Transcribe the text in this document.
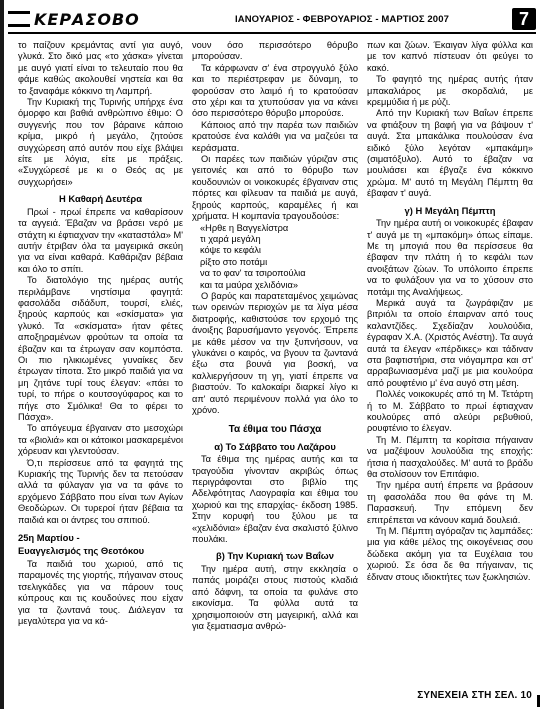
ΚΕΡΑΣΟΒΟ	ΙΑΝΟΥΑΡΙΟΣ - ΦΕΒΡΟΥΑΡΙΟΣ - ΜΑΡΤΙΟΣ 2007	7

το παίζουν κρεμάντας αντί για αυγό, γλυκά. Στο δικό μας «το χάσκα» γίνεται με αυγό γιατί είναι το τελευταίο που θα φάμε καθώς ακολουθεί νηστεία και θα το ξαναφάμε κόκκινο τη Λαμπρή.

Την Κυριακή της Τυρινής υπήρχε ένα όμορφο και βαθιά ανθρώπινο έθιμο: Ο συγγενής που τον βάραινε κάποιο κρίμα, μικρό ή μεγάλο, ζητούσε συγχώρεση από αυτόν που είχε βλάψει είτε με λόγια, είτε με πράξεις. «Συγχώρεσέ με κι ο Θεός ας με συγχωρήσει»

Η Καθαρή Δευτέρα

Πρωί - πρωί έπρεπε να καθαρίσουν τα αγγειά. Έβαζαν να βράσει νερό με στάχτη κι έφτιαχναν την «καταστάλα» Μ' αυτήν έτριβαν όλα τα μαγειρικά σκεύη για να είναι καθαρά. Καθάριζαν βέβαια και όλο το σπίτι.

Το διατολόγιο της ημέρας αυτής περιλάμβανε νηστίσιμα φαγητά: φασολάδα σιδάδυπ, τουρσί, ελιές, ξηρούς καρπούς και «σκίσματα» για γλυκό. Τα «σκίσματα» ήταν φέτες αποξηραμένων φρούτων τα οποία τα έβαζαν και τα έτρωγαν σαν κομπόστα. Οι πιο ηλικιωμένες γυναίκες δεν έτρωγαν τίποτα. Στο μικρό παιδιά για να μη ζητάνε τυρί τους έλεγαν: «πάει το τυρί, το πήρε ο κουτσογύφαρος και το πήγε στο Σμόλικα! Θα το φέρει το Πάσχα».

Το απόγευμα έβγαιναν στο μεσοχώρι τα «βιολιά» και οι κάτοικοι μασκαρεμένοι χόρευαν και γλεντούσαν.

Ό,τι περίσσευε από τα φαγητά της Κυριακής της Τυρινής δεν τα πετούσαν αλλά τα φύλαγαν για να τα φάνε το ερχόμενο Σάββατο που είναι των Αγίων Θεοδώρων. Οι τυρεροί ήταν βέβαια τα παιδιά και οι άντρες του σπιτιού.

25η Μαρτίου -
Ευαγγελισμός της Θεοτόκου

Τα παιδιά του χωριού, από τις παραμονές της γιορτής, πήγαιναν στους τσελιγκάδες για να πάρουν τους κύπρους και τις κουδούνες που είχαν για τα ζωντανά τους. Διάλεγαν τα μεγαλύτερα για να κά-

νουν όσο περισσότερο θόρυβο μπορούσαν.

Τα κάρφωναν σ' ένα στρογγυλό ξύλο και το περιέστρεφαν με δύναμη, το φορούσαν στο λαιμό ή το κρατούσαν στο χέρι και τα χτυπούσαν για να κάνει όσο περισσότερο θόρυβο μπορούσε.

Κάποιος από την παρέα των παιδιών κρατούσε ένα καλάθι για να μαζεύει τα κεράσματα.

Οι παρέες των παιδιών γύριζαν στις γειτονιές και από το θόρυβο των κουδουνιών οι νοικοκυρές έβγαιναν στις πόρτες και φίλευαν τα παιδιά με αυγά, ξηρούς καρπούς, καραμέλες ή και χρήματα. Η κομπανία τραγουδούσε:

«Ηρθε η Βαγγελίστρα
τι χαρά μεγάλη
κόψε το κεφάλι
ρίξτο στο ποτάμι
να το φαν' τα τσιροπούλια
και τα μαύρα χελιδόνια»

Ο βαρύς και παρατεταμένος χειμώνας των ορεινών περιοχών με τα λίγα μέσα διατροφής, καθιστούσε τον ερχομό της άνοιξης βαρυσήμαντο γεγονός. Έπρεπε με κάθε μέσον να την ξυπνήσουν, να γλυκάνει ο καιρός, να βγουν τα ζωντανά έξω στα βουνά για βοσκή, να καλλιεργήσουν τη γη, γιατί έπρεπε να βιαστούν. Το καλοκαίρι διαρκεί λίγο κι απ' αυτό περιμένουν πολλά για όλο το χρόνο.

Τα έθιμα του Πάσχα
α) Το Σάββατο του Λαζάρου

Τα έθιμα της ημέρας αυτής και τα τραγούδια γίνονταν ακριβώς όπως περιγράφονται στο βιβλίο της Αδελφότητας Λαογραφία και έθιμα του χωριού και της επαρχίας- έκδοση 1985. Στην κορυφή του ξύλου με τα «χελιδόνια» έβαζαν ένα σκαλιστό ξύλινο πουλάκι.

β) Την Κυριακή των Βαΐων

Την ημέρα αυτή, στην εκκλησία ο παπάς μοιράζει στους πιστούς κλαδιά από δάφνη, τα οποία τα φυλάνε στο εικονίσμα. Τα φύλλα αυτά τα χρησιμοποιούν στη μαγειρική, αλλά και για ξεματιασμα ανθρώ-

πων και ζώων. Έκαιγαν λίγα φύλλα και με τον καπνό πίστευαν ότι φεύγει το κακό.

Το φαγητό της ημέρας αυτής ήταν μπακαλιάρος με σκορδαλιά, με κρεμμύδια ή με ρύζι.

Από την Κυριακή των Βαΐων έπρεπε να φτιάξουν τη βαφή για να βάψουν τ' αυγά. Στα μπακάλικα πουλούσαν ένα ειδικό ξύλο λεγόταν «μπακάμη» (σιματόξυλο). Αυτό το έβαζαν να μουλιάσει και έβγαζε ένα κόκκινο χρώμα. Μ' αυτό τη Μεγάλη Πέμπτη θα έβαφαν τ' αυγά.

γ) Η Μεγάλη Πέμπτη

Την ημέρα αυτή οι νοικοκυρές έβαφαν τ' αυγά με τη «μπακόμη» όπως είπαμε. Με τη μπογιά που θα περίσσευε θα έβαφαν την πλάτη ή το κεφάλι των ανοιξάτων ζώων. Το υπόλοιπο έπρεπε να το φυλάξουν για να το χύσουν στο ποτάμι της Αναλήψεως.

Μερικά αυγά τα ζωγράφιζαν με βιτριόλι τα οποίο έπαιρναν από τους καλαντζίδες. Σχεδίαζαν λουλούδια, έγραφαν Χ.Α. (Χριστός Ανέστη). Τα αυγά αυτά τα έλεγαν «πέρδικες» και τάδιναν στα βαφτιστήρια, στα νιόγαμπρα και στ' αρραβωνιασμένα μαζί με μια κουλούρα από ρουφτένιο μ' ένα αυγό στη μέση.

Πολλές νοικοκυρές από τη Μ. Τετάρτη ή το Μ. Σάββατο το πρωί έφτιαχναν κουλούρες από αλεύρι ρεβυθιού, ρουφτένιο το έλεγαν.

Τη Μ. Πέμπτη τα κορίτσια πήγαιναν να μαζέψουν λουλούδια της εποχής: ήτσια ή πασχαλούδες. Μ' αυτά το βράδυ θα στολίσουν τον Επιτάφιο.

Την ημέρα αυτή έπρεπε να βράσουν τη φασολάδα που θα φάνε τη Μ. Παρασκευή. Την επόμενη δεν επιτρέπεται να κάνουν καμιά δουλειά.

Τη Μ. Πέμπτη αγόραζαν τις λαμπάδες: μια για κάθε μέλος της οικογένειας σου δώδεκα ακόμη για τα Ευχέλαια του χωριού. Σε όσα δε θα πήγαιναν, τις έδιναν στους ιδιοκτήτες των ξωκλησιών.

ΣΥΝΕΧΕΙΑ ΣΤΗ ΣΕΛ. 10
